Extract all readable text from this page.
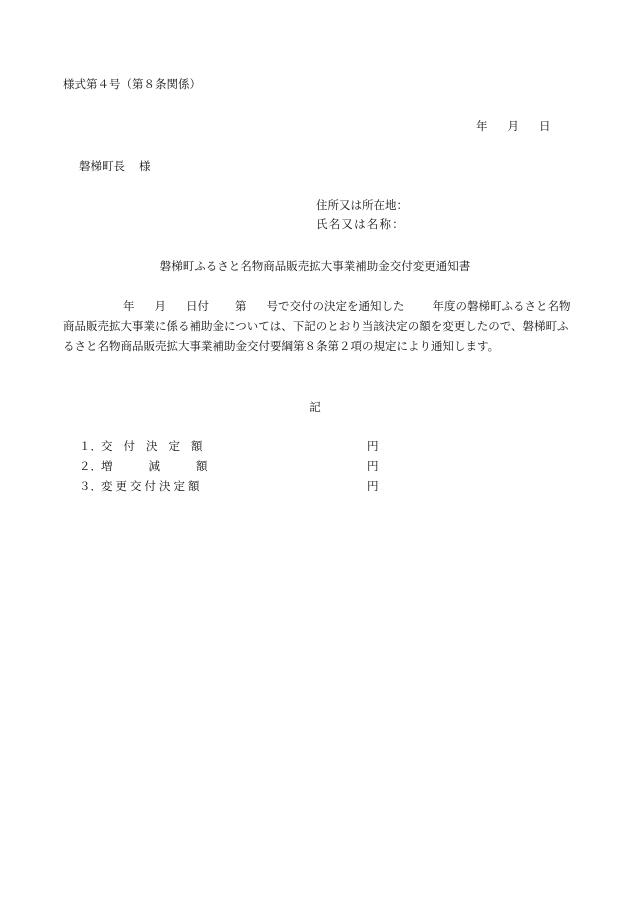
様式第４号（第８条関係）
年 月 日
磐梯町長 様
住所又は所在地：
氏名又は名称：
磐梯町ふるさと名物商品販売拡大事業補助金交付変更通知書
年 月 日付 第 号で交付の決定を通知した 年度の磐梯町ふるさと名物商品販売拡大事業に係る補助金については、下記のとおり当該決定の額を変更したので、磐梯町ふるさと名物商品販売拡大事業補助金交付要綱第８条第２項の規定により通知します。
記
１．交 付 決 定 額	円
２．増	減	額	円
３．変更交付決定額	円
